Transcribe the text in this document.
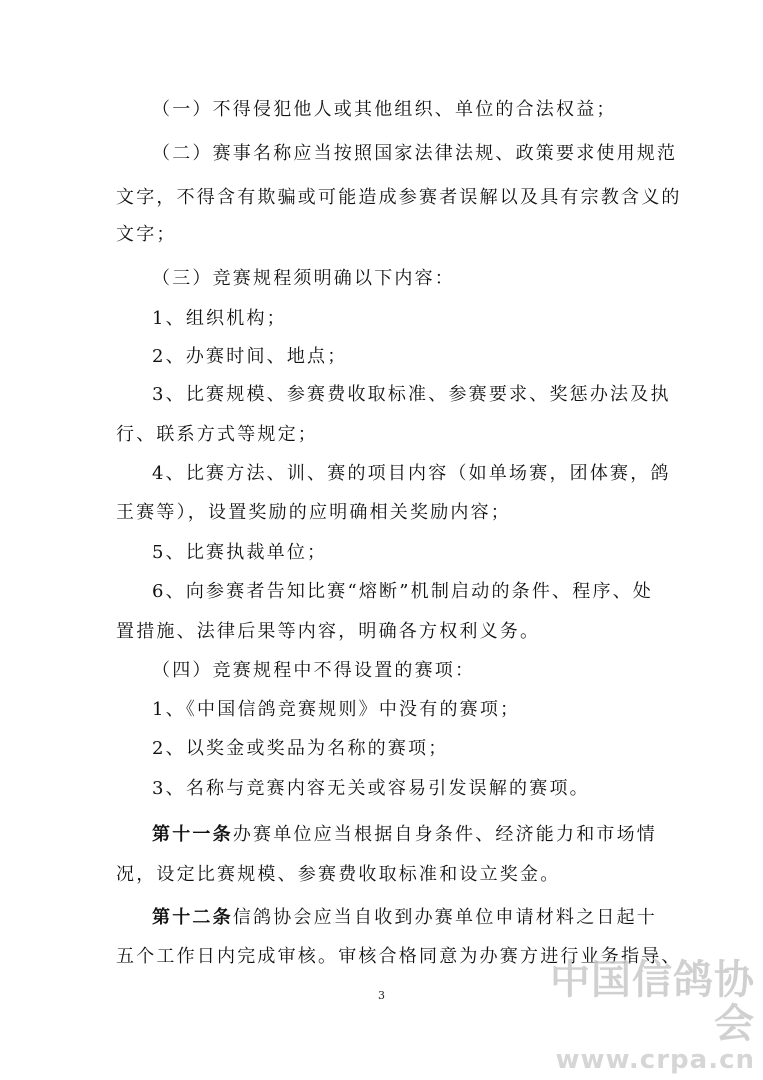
（一）不得侵犯他人或其他组织、单位的合法权益；
（二）赛事名称应当按照国家法律法规、政策要求使用规范
文字，不得含有欺骗或可能造成参赛者误解以及具有宗教含义的
文字；
（三）竞赛规程须明确以下内容：
1、组织机构；
2、办赛时间、地点；
3、比赛规模、参赛费收取标准、参赛要求、奖惩办法及执
行、联系方式等规定；
4、比赛方法、训、赛的项目内容（如单场赛，团体赛，鸽
王赛等），设置奖励的应明确相关奖励内容；
5、比赛执裁单位；
6、向参赛者告知比赛“熔断”机制启动的条件、程序、处
置措施、法律后果等内容，明确各方权利义务。
（四）竞赛规程中不得设置的赛项：
1、《中国信鸽竞赛规则》中没有的赛项；
2、以奖金或奖品为名称的赛项；
3、名称与竞赛内容无关或容易引发误解的赛项。
第十一条办赛单位应当根据自身条件、经济能力和市场情
况，设定比赛规模、参赛费收取标准和设立奖金。
第十二条信鸽协会应当自收到办赛单位申请材料之日起十
五个工作日内完成审核。审核合格同意为办赛方进行业务指导、
3	中国信鸽协会
www.crpa.cn
